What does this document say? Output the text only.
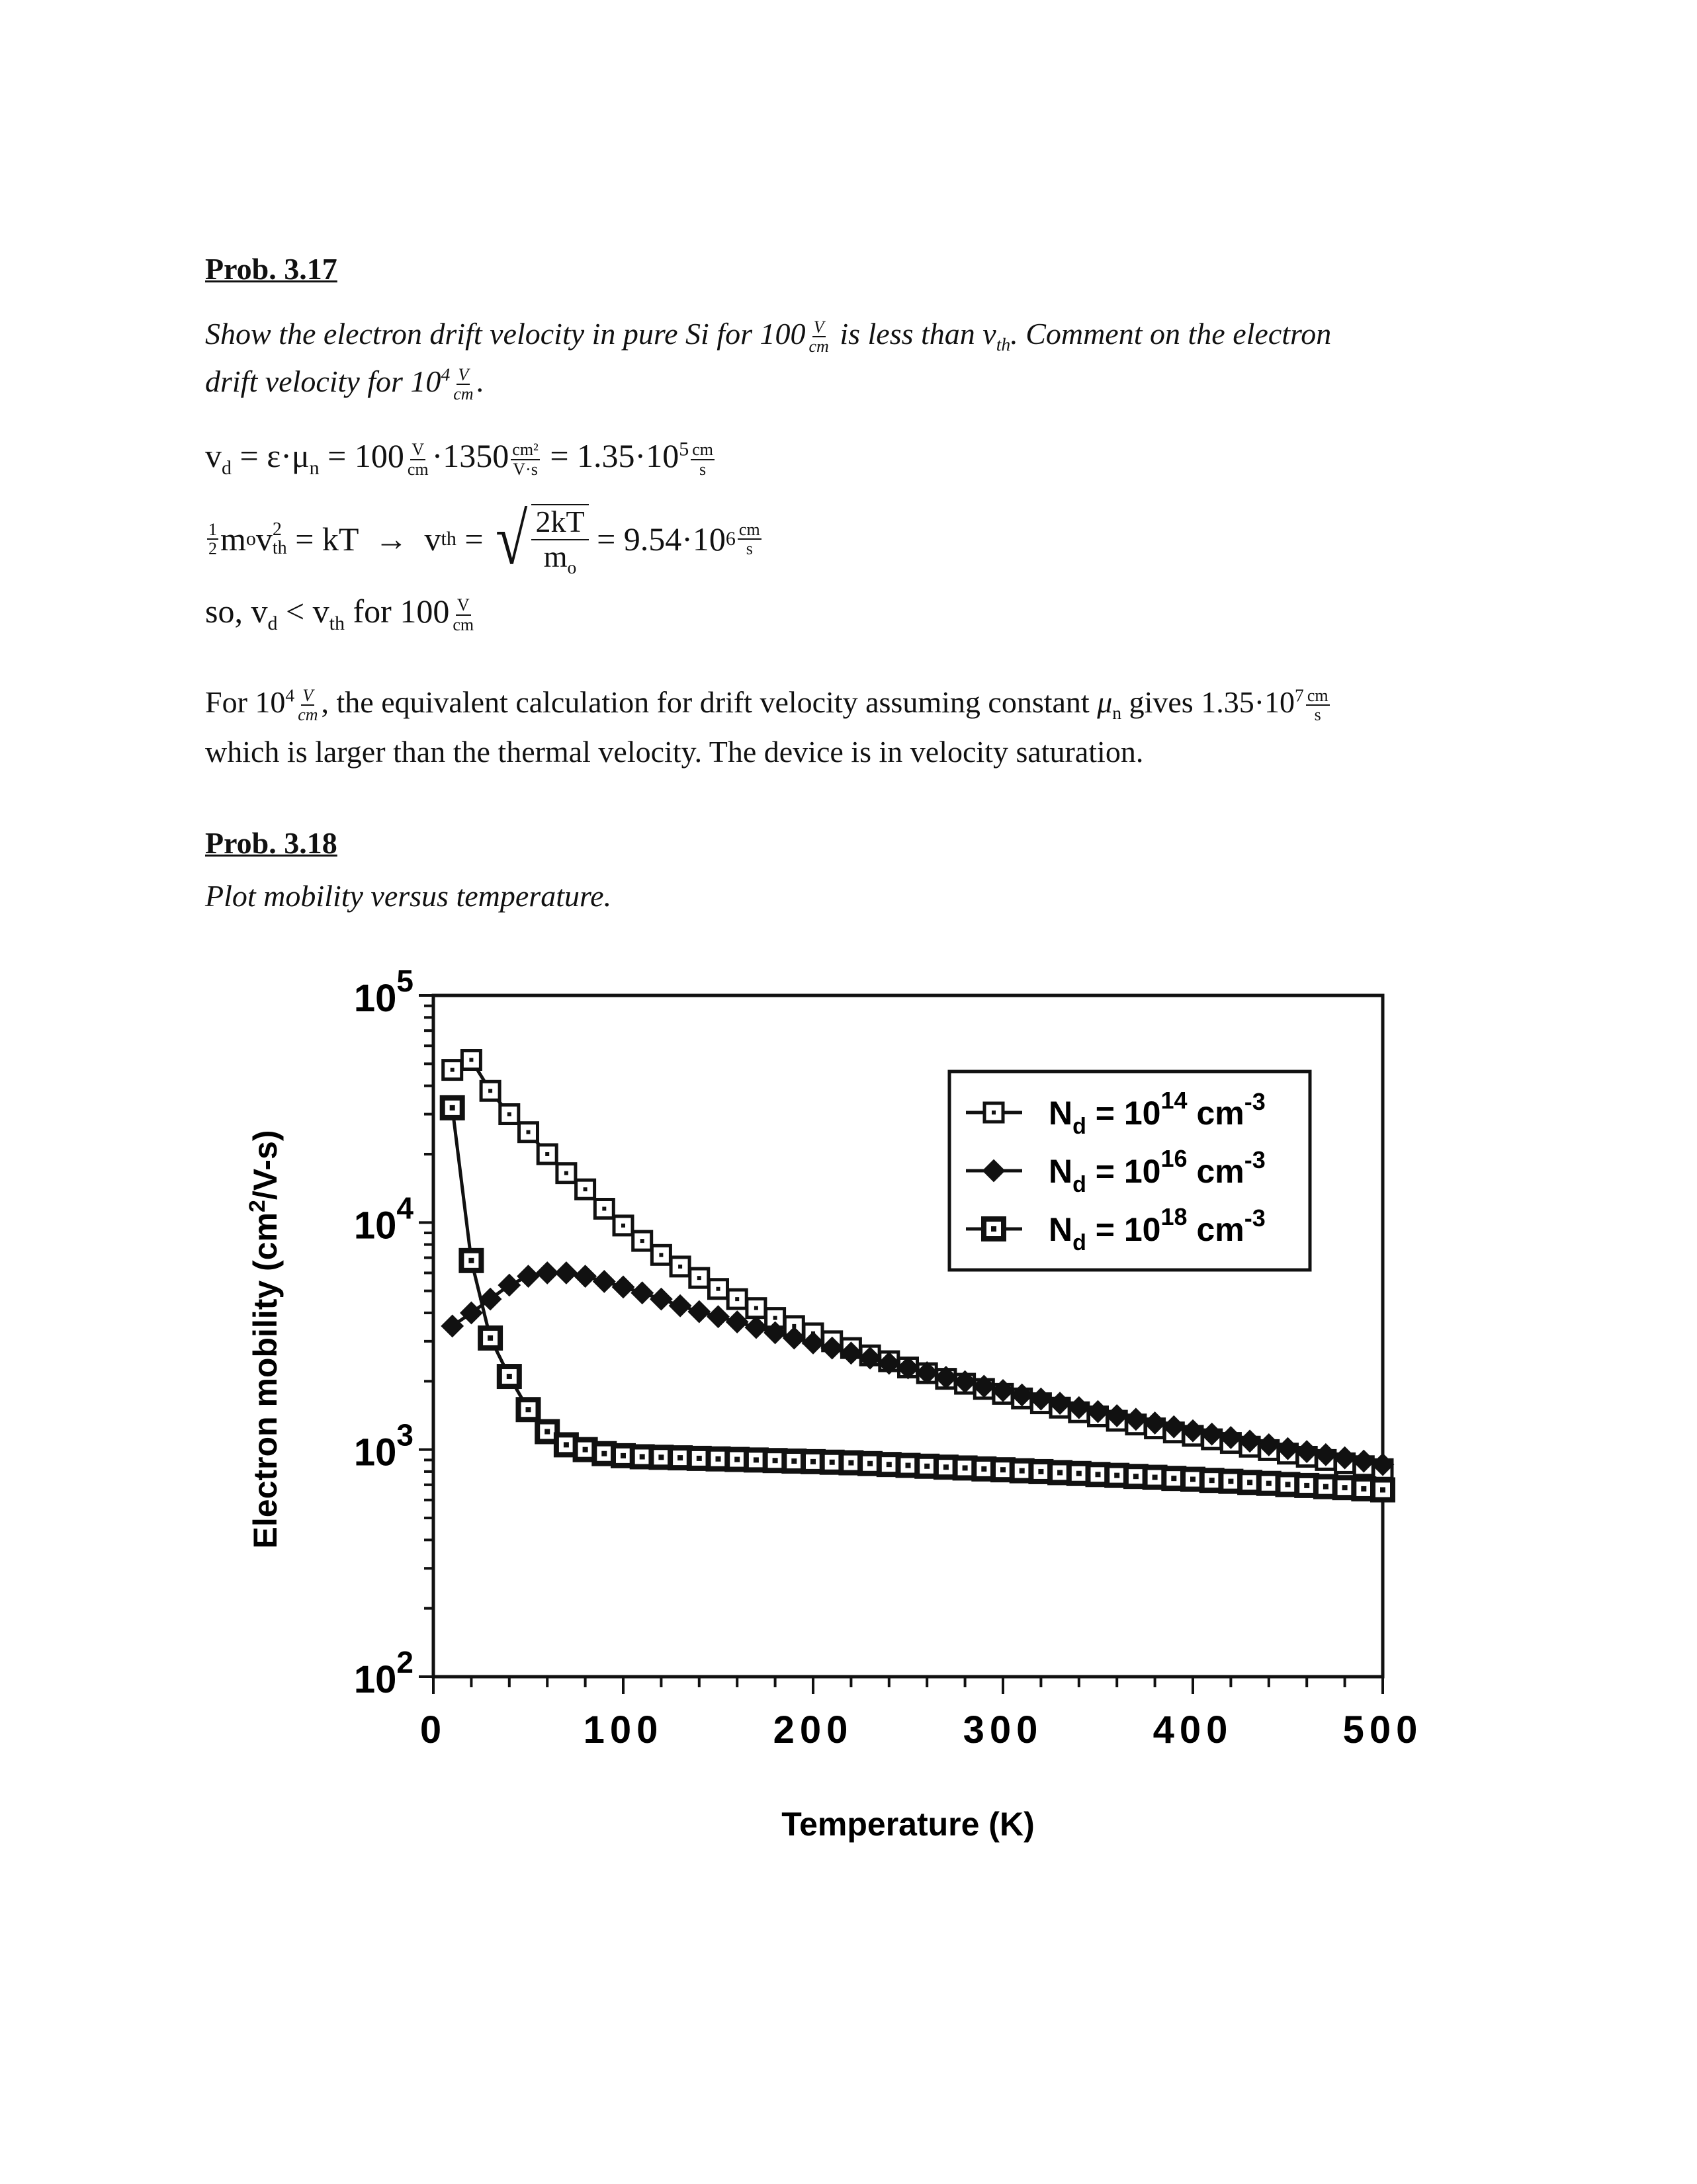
Prob. 3.17
Show the electron drift velocity in pure Si for $100 \frac{V}{cm}$ is less than $v_{th}$. Comment on the electron
drift velocity for $10^4 \frac{V}{cm}$ .
$v_d = \varepsilon\cdot\mu_n = 100 \frac{V}{cm} \cdot 1350 \frac{\text{cm²}}{V\cdot s} = 1.35\cdot 10^5 \frac{cm}{s}$
$\frac{1}{2}$ m o v 2
th = kT  →  v th = √ 2kT
$m_o$
= 9.54·10 $6 \frac{cm}{s}$
so, $v_d < v_{th}$ for $100 \frac{V}{cm}$
For $10^4 \frac{V}{cm}$ , the equivalent calculation for drift velocity assuming constant $\mu_n$ gives $1.35\cdot 10^7 \frac{cm}{s}$
which is larger than the thermal velocity. The device is in velocity saturation.
Prob. 3.18
Plot mobility versus temperature.
$N_d = 10^{14}$ $cm^{-3}$
$N_d = 10^{16}$ $cm^{-3}$
$N_d = 10^{18}$ $cm^{-3}$
0	100	200	300	400	500
$10^2$
$10^3$
$10^4$
$10^5$
Temperature (K)
Electron mobility $(cm^2/V-s)$
